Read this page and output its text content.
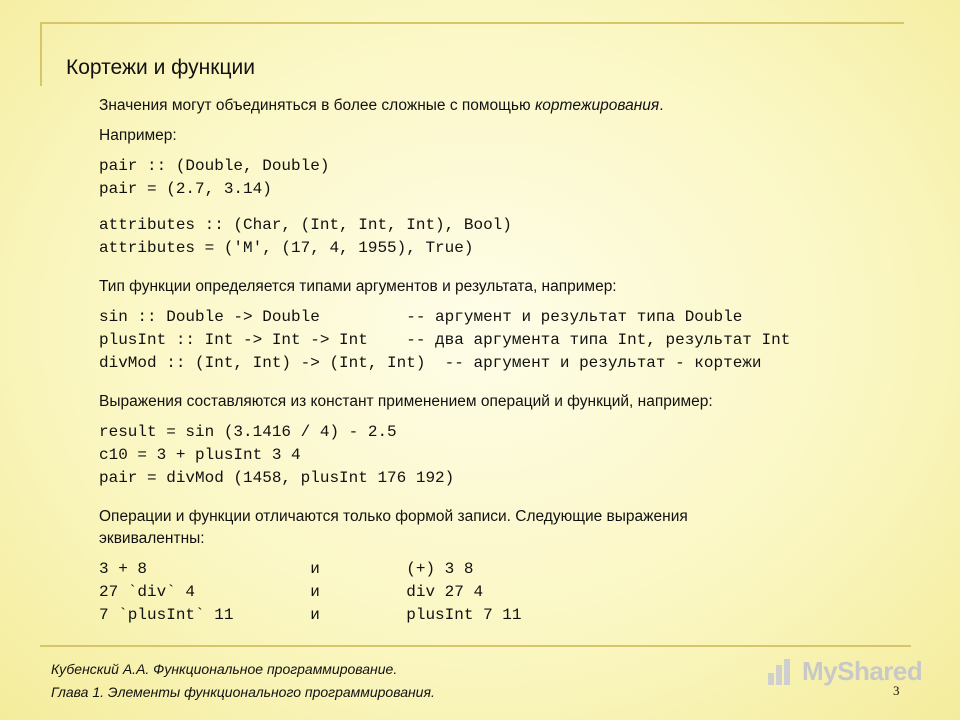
Кортежи и функции

Значения могут объединяться в более сложные с помощью кортежирования.

Например:

pair :: (Double, Double)
pair = (2.7, 3.14)
attributes :: (Char, (Int, Int, Int), Bool)
attributes = ('M', (17, 4, 1955), True)

Тип функции определяется типами аргументов и результата, например:

sin :: Double -> Double         -- аргумент и результат типа Double
plusInt :: Int -> Int -> Int    -- два аргумента типа Int, результат Int
divMod :: (Int, Int) -> (Int, Int)  -- аргумент и результат - кортежи

Выражения составляются из констант применением операций и функций, например:

result = sin (3.1416 / 4) - 2.5
c10 = 3 + plusInt 3 4
pair = divMod (1458, plusInt 176 192)

Операции и функции отличаются только формой записи. Следующие выражения

эквивалентны:

3 + 8                 и         (+) 3 8
27 `div` 4            и         div 27 4
7 `plusInt` 11        и         plusInt 7 11
Кубенский А.А. Функциональное программирование.
Глава 1. Элементы функционального программирования.
MyShared
3
